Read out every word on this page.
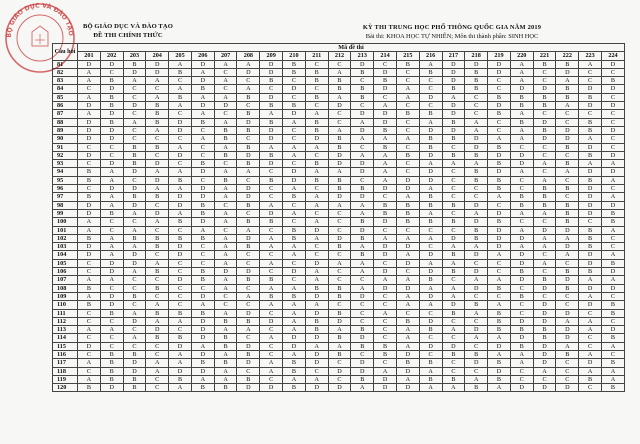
BỘ GIÁO DỤC VÀ ĐÀO TẠO
BỘ GIÁO DỤC VÀ ĐÀO TẠO
ĐỀ THI CHÍNH THỨC
KỲ THI TRUNG HỌC PHỔ THÔNG QUỐC GIA NĂM 2019
Bài thi: KHOA HỌC TỰ NHIÊN; Môn thi thành phần: SINH HỌC
Câu hỏi	Mã đề thi																							
	201	202	203	204	205	206	207	208	209	210	211	212	213	214	215	216	217	218	219	220	221	222	223	224
81	D	D	B	D	A	D	A	A	D	B	C	C	D	C	B	A	D	D	D	A	B	B	A	D
82	A	C	D	D	B	A	C	D	D	B	B	A	B	D	C	B	D	B	D	A	C	D	C	C
83	A	B	A	A	C	D	A	C	B	C	B	B	C	B	C	C	D	B	C	A	C	A	C	B
84	C	D	C	C	A	B	C	A	C	D	C	B	B	D	A	C	B	B	C	D	D	B	D	D
85	A	B	C	A	B	A	A	B	D	C	B	A	B	C	A	D	A	C	B	B	B	B	B	C
86	D	B	D	B	A	D	D	C	B	B	C	D	C	A	C	C	D	C	D	B	B	A	D	D
87	A	D	C	B	C	A	C	B	A	D	A	C	D	D	B	B	D	C	B	A	C	C	C	C
88	D	B	A	B	D	B	A	D	B	A	B	C	A	D	C	A	B	A	C	B	D	C	B	C
89	D	D	C	A	D	C	B	B	D	C	B	A	D	B	C	D	D	A	C	A	B	D	B	D
90	D	D	C	C	C	A	B	C	D	C	D	B	A	A	A	B	B	D	A	A	D	D	A	C
91	C	C	B	B	A	C	A	B	A	A	A	B	C	B	C	B	C	D	B	C	C	B	D	C
92	D	C	B	C	D	C	B	D	B	A	C	D	A	A	B	D	B	B	D	D	C	C	B	D
93	C	D	B	D	C	B	C	B	D	C	B	D	D	A	C	A	A	A	B	D	A	B	A	A
94	B	A	D	A	A	D	A	A	C	D	A	A	D	A	C	D	C	B	D	A	C	A	D	D
95	B	A	C	D	B	C	B	C	B	D	B	B	C	A	D	D	C	B	B	C	A	C	B	A
96	C	D	D	A	A	D	A	D	C	A	C	B	B	D	D	A	C	C	B	C	B	B	D	C
97	B	A	B	B	D	D	A	D	C	B	A	D	D	C	A	B	C	C	A	B	B	C	D	A
98	D	A	D	C	D	B	C	B	A	C	A	A	A	B	B	B	B	D	C	B	B	B	D	D
99	D	B	A	D	A	B	A	C	D	A	C	C	A	B	B	A	C	A	D	A	A	B	D	B
100	A	C	C	A	B	D	A	B	B	C	A	C	B	D	B	B	B	D	B	C	C	B	C	B
101	A	C	A	C	C	A	C	A	C	B	D	C	D	C	C	C	C	B	D	A	D	D	B	A
102	B	A	B	B	B	B	A	D	A	B	A	D	B	A	A	A	D	B	D	D	A	A	B	C
103	D	A	A	B	D	C	A	B	A	A	C	B	A	D	D	C	A	A	D	A	A	D	B	C
104	D	A	D	C	D	C	A	C	C	A	C	C	B	D	A	D	B	D	A	D	C	A	D	A
105	C	D	D	A	C	C	A	C	A	C	D	A	A	C	D	A	A	C	C	D	A	C	D	B
106	C	D	A	B	C	B	D	D	C	D	A	C	A	D	C	D	B	D	C	B	C	B	B	D
107	A	A	C	C	D	B	A	B	B	C	A	C	C	A	A	B	C	A	A	D	B	D	A	A
108	B	C	C	B	C	C	A	C	A	A	B	B	A	D	D	A	A	D	B	C	D	B	D	D
109	A	D	B	C	C	D	C	A	B	B	D	B	D	C	A	D	A	C	C	B	C	C	A	C
110	B	D	C	A	C	A	C	C	A	A	A	C	C	C	A	A	D	B	A	C	D	C	D	B
111	C	B	A	B	B	B	A	D	C	A	D	B	C	A	C	C	B	A	B	C	D	D	C	B
112	C	C	D	A	A	D	B	B	D	A	B	D	C	C	B	D	C	C	B	D	D	A	A	C
113	A	A	C	D	C	D	A	A	C	A	B	A	B	C	A	B	A	D	B	B	B	D	A	D
114	C	C	A	B	B	D	B	C	A	D	D	B	D	C	A	C	C	A	A	D	B	D	C	B
115	D	C	C	C	D	A	B	D	C	D	A	A	B	B	A	D	D	C	D	B	D	A	C	A
116	C	B	B	C	A	D	A	B	C	A	D	B	C	B	D	C	B	B	A	A	D	B	A	C
117	A	B	D	A	A	B	B	D	A	B	D	C	D	C	B	B	C	D	B	A	D	C	D	B
118	C	B	D	A	D	D	A	C	A	B	C	D	D	A	D	A	C	C	D	C	A	C	A	A
119	A	B	B	C	B	A	A	B	C	A	A	C	B	D	A	B	B	A	B	C	C	C	B	A
120	B	D	B	C	A	B	B	D	D	B	D	D	A	D	D	A	A	B	A	D	D	D	C	B
